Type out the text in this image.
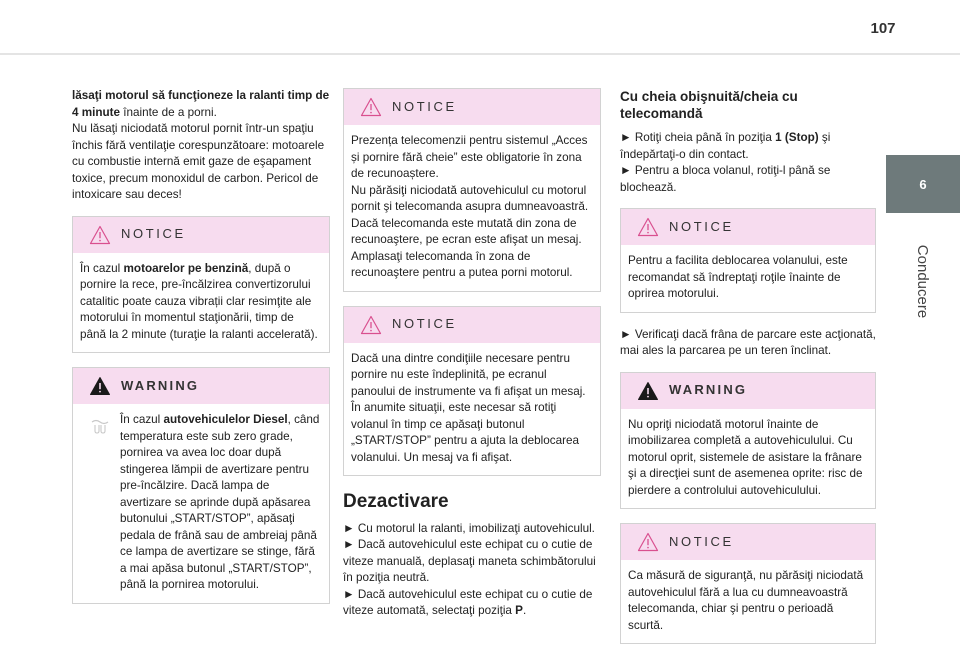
107
6
Conducere

lăsaţi motorul să funcţioneze la ralanti timp de 4 minute înainte de a porni.
Nu lăsaţi niciodată motorul pornit într-un spaţiu închis fără ventilaţie corespunzătoare: motoarele cu combustie internă emit gaze de eşapament toxice, precum monoxidul de carbon. Pericol de intoxicare sau deces!

NOTICE

În cazul motoarelor pe benzină, după o pornire la rece, pre-încălzirea convertizorului catalitic poate cauza vibrații clar resimţite ale motorului în momentul staţionării, timp de până la 2 minute (turaţie la ralanti accelerată).

WARNING

În cazul autovehiculelor Diesel, când temperatura este sub zero grade, pornirea va avea loc doar după stingerea lămpii de avertizare pentru pre-încălzire. Dacă lampa de avertizare se aprinde după apăsarea butonului „START/STOP”, apăsaţi pedala de frână sau de ambreiaj până ce lampa de avertizare se stinge, fără a mai apăsa butonul „START/STOP”, până la pornirea motorului.

NOTICE

Prezența telecomenzii pentru sistemul „Acces și pornire fără cheie” este obligatorie în zona de recunoaștere.

Nu părăsiţi niciodată autovehiculul cu motorul pornit şi telecomanda asupra dumneavoastră.

Dacă telecomanda este mutată din zona de recunoaştere, pe ecran este afişat un mesaj.

Amplasaţi telecomanda în zona de recunoaştere pentru a putea porni motorul.

NOTICE

Dacă una dintre condiţiile necesare pentru pornire nu este îndeplinită, pe ecranul panoului de instrumente va fi afişat un mesaj.

În anumite situaţii, este necesar să rotiţi volanul în timp ce apăsaţi butonul „START/STOP” pentru a ajuta la deblocarea volanului. Un mesaj va fi afişat.

Dezactivare

► Cu motorul la ralanti, imobilizaţi autovehiculul.

► Dacă autovehiculul este echipat cu o cutie de viteze manuală, deplasaţi maneta schimbătorului în poziţia neutră.

► Dacă autovehiculul este echipat cu o cutie de viteze automată, selectaţi poziţia P.

Cu cheia obişnuită/cheia cu telecomandă

► Rotiţi cheia până în poziţia 1 (Stop) şi îndepărtaţi-o din contact.

► Pentru a bloca volanul, rotiţi-l până se blochează.

NOTICE

Pentru a facilita deblocarea volanului, este recomandat să îndreptaţi roţile înainte de oprirea motorului.

► Verificaţi dacă frâna de parcare este acţionată, mai ales la parcarea pe un teren înclinat.

WARNING

Nu opriţi niciodată motorul înainte de imobilizarea completă a autovehiculului. Cu motorul oprit, sistemele de asistare la frânare şi a direcţiei sunt de asemenea oprite: risc de pierdere a controlului autovehiculului.

NOTICE

Ca măsură de siguranţă, nu părăsiţi niciodată autovehiculul fără a lua cu dumneavoastră telecomanda, chiar şi pentru o perioadă scurtă.
